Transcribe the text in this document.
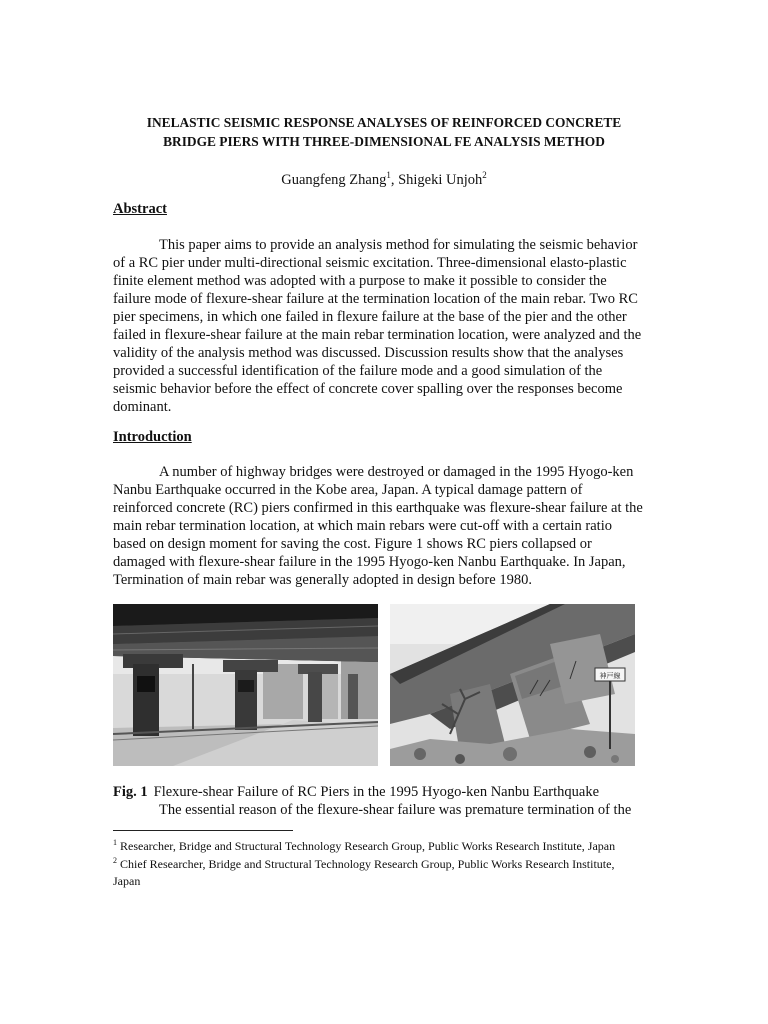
INELASTIC SEISMIC RESPONSE ANALYSES OF REINFORCED CONCRETE
BRIDGE PIERS WITH THREE-DIMENSIONAL FE ANALYSIS METHOD
Guangfeng Zhang$^1$, Shigeki Unjoh$^2$
Abstract
This paper aims to provide an analysis method for simulating the seismic behavior
of a RC pier under multi-directional seismic excitation. Three-dimensional elasto-plastic
finite element method was adopted with a purpose to make it possible to consider the
failure mode of flexure-shear failure at the termination location of the main rebar. Two RC
pier specimens, in which one failed in flexure failure at the base of the pier and the other
failed in flexure-shear failure at the main rebar termination location, were analyzed and the
validity of the analysis method was discussed. Discussion results show that the analyses
provided a successful identification of the failure mode and a good simulation of the
seismic behavior before the effect of concrete cover spalling over the responses become
dominant.
Introduction
A number of highway bridges were destroyed or damaged in the 1995 Hyogo-ken
Nanbu Earthquake occurred in the Kobe area, Japan. A typical damage pattern of
reinforced concrete (RC) piers confirmed in this earthquake was flexure-shear failure at the
main rebar termination location, at which main rebars were cut-off with a certain ratio
based on design moment for saving the cost. Figure 1 shows RC piers collapsed or
damaged with flexure-shear failure in the 1995 Hyogo-ken Nanbu Earthquake. In Japan,
Termination of main rebar was generally adopted in design before 1980.
神戸線
Fig. 1 Flexure-shear Failure of RC Piers in the 1995 Hyogo-ken Nanbu Earthquake
The essential reason of the flexure-shear failure was premature termination of the
$^1$ Researcher, Bridge and Structural Technology Research Group, Public Works Research Institute, Japan
$^2$ Chief Researcher, Bridge and Structural Technology Research Group, Public Works Research Institute,
Japan
